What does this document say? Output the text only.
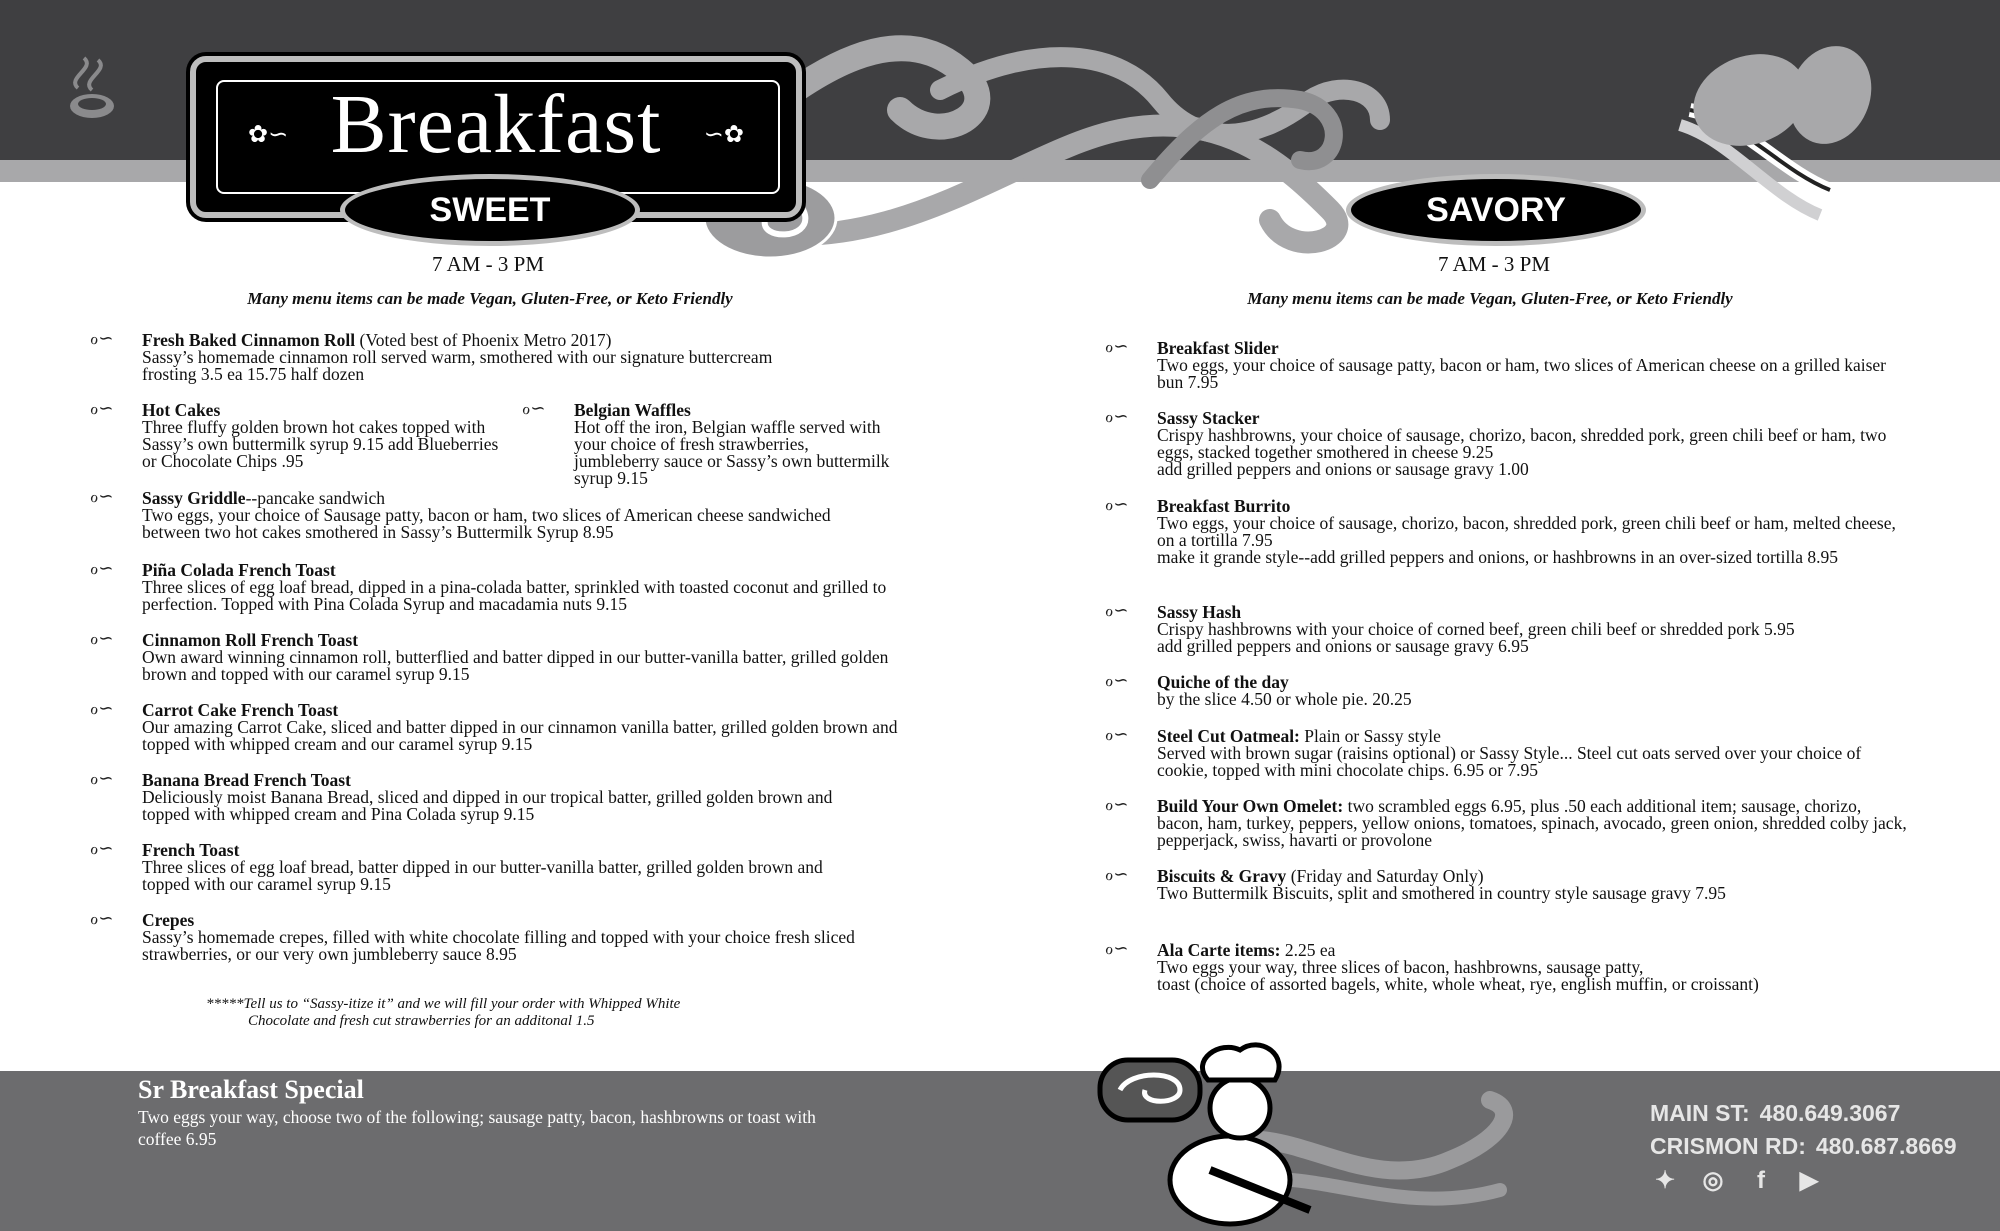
Breakfast
✿∽	∽✿
SWEET	SAVORY
7 AM - 3 PM
Many menu items can be made Vegan, Gluten-Free, or Keto Friendly
7 AM - 3 PM
Many menu items can be made Vegan, Gluten-Free, or Keto Friendly
ℴ∽ Fresh Baked Cinnamon Roll (Voted best of Phoenix Metro 2017)
Sassy’s homemade cinnamon roll served warm, smothered with our signature buttercream frosting 3.5 ea 15.75 half dozen
ℴ∽ Hot Cakes
Three fluffy golden brown hot cakes topped with Sassy’s own buttermilk syrup 9.15 add Blueberries or Chocolate Chips .95
ℴ∽ Belgian Waffles
Hot off the iron, Belgian waffle served with your choice of fresh strawberries, jumbleberry sauce or Sassy’s own buttermilk syrup 9.15
ℴ∽ Sassy Griddle--pancake sandwich
Two eggs, your choice of Sausage patty, bacon or ham, two slices of American cheese sandwiched between two hot cakes smothered in Sassy’s Buttermilk Syrup 8.95
ℴ∽ Piña Colada French Toast
Three slices of egg loaf bread, dipped in a pina-colada batter, sprinkled with toasted coconut and grilled to perfection. Topped with Pina Colada Syrup and macadamia nuts 9.15
ℴ∽ Cinnamon Roll French Toast
Own award winning cinnamon roll, butterflied and batter dipped in our butter-vanilla batter, grilled golden brown and topped with our caramel syrup 9.15
ℴ∽ Carrot Cake French Toast
Our amazing Carrot Cake, sliced and batter dipped in our cinnamon vanilla batter, grilled golden brown and topped with whipped cream and our caramel syrup 9.15
ℴ∽ Banana Bread French Toast
Deliciously moist Banana Bread, sliced and dipped in our tropical batter, grilled golden brown and topped with whipped cream and Pina Colada syrup 9.15
ℴ∽ French Toast
Three slices of egg loaf bread, batter dipped in our butter-vanilla batter, grilled golden brown and topped with our caramel syrup 9.15
ℴ∽ Crepes
Sassy’s homemade crepes, filled with white chocolate filling and topped with your choice fresh sliced strawberries, or our very own jumbleberry sauce 8.95
*****Tell us to “Sassy-itize it” and we will fill your order with Whipped White
Chocolate and fresh cut strawberries for an additonal 1.5
ℴ∽ Breakfast Slider
Two eggs, your choice of sausage patty, bacon or ham, two slices of American cheese on a grilled kaiser bun 7.95
ℴ∽ Sassy Stacker
Crispy hashbrowns, your choice of sausage, chorizo, bacon, shredded pork, green chili beef or ham, two eggs, stacked together smothered in cheese 9.25
add grilled peppers and onions or sausage gravy 1.00
ℴ∽ Breakfast Burrito
Two eggs, your choice of sausage, chorizo, bacon, shredded pork, green chili beef or ham, melted cheese, on a tortilla 7.95
make it grande style--add grilled peppers and onions, or hashbrowns in an over-sized tortilla 8.95
ℴ∽ Sassy Hash
Crispy hashbrowns with your choice of corned beef, green chili beef or shredded pork 5.95
add grilled peppers and onions or sausage gravy 6.95
ℴ∽ Quiche of the day
by the slice 4.50 or whole pie. 20.25
ℴ∽ Steel Cut Oatmeal: Plain or Sassy style
Served with brown sugar (raisins optional) or Sassy Style... Steel cut oats served over your choice of cookie, topped with mini chocolate chips. 6.95 or 7.95
ℴ∽ Build Your Own Omelet: two scrambled eggs 6.95, plus .50 each additional item; sausage, chorizo, bacon, ham, turkey, peppers, yellow onions, tomatoes, spinach, avocado, green onion, shredded colby jack, pepperjack, swiss, havarti or provolone
ℴ∽ Biscuits & Gravy (Friday and Saturday Only)
Two Buttermilk Biscuits, split and smothered in country style sausage gravy 7.95
ℴ∽ Ala Carte items: 2.25 ea
Two eggs your way, three slices of bacon, hashbrowns, sausage patty,
toast (choice of assorted bagels, white, whole wheat, rye, english muffin, or croissant)
Sr Breakfast Special
Two eggs your way, choose two of the following; sausage patty, bacon, hashbrowns or toast with coffee 6.95
MAIN ST: 480.649.3067
CRISMON RD: 480.687.8669
✦ ◎	f	▶
